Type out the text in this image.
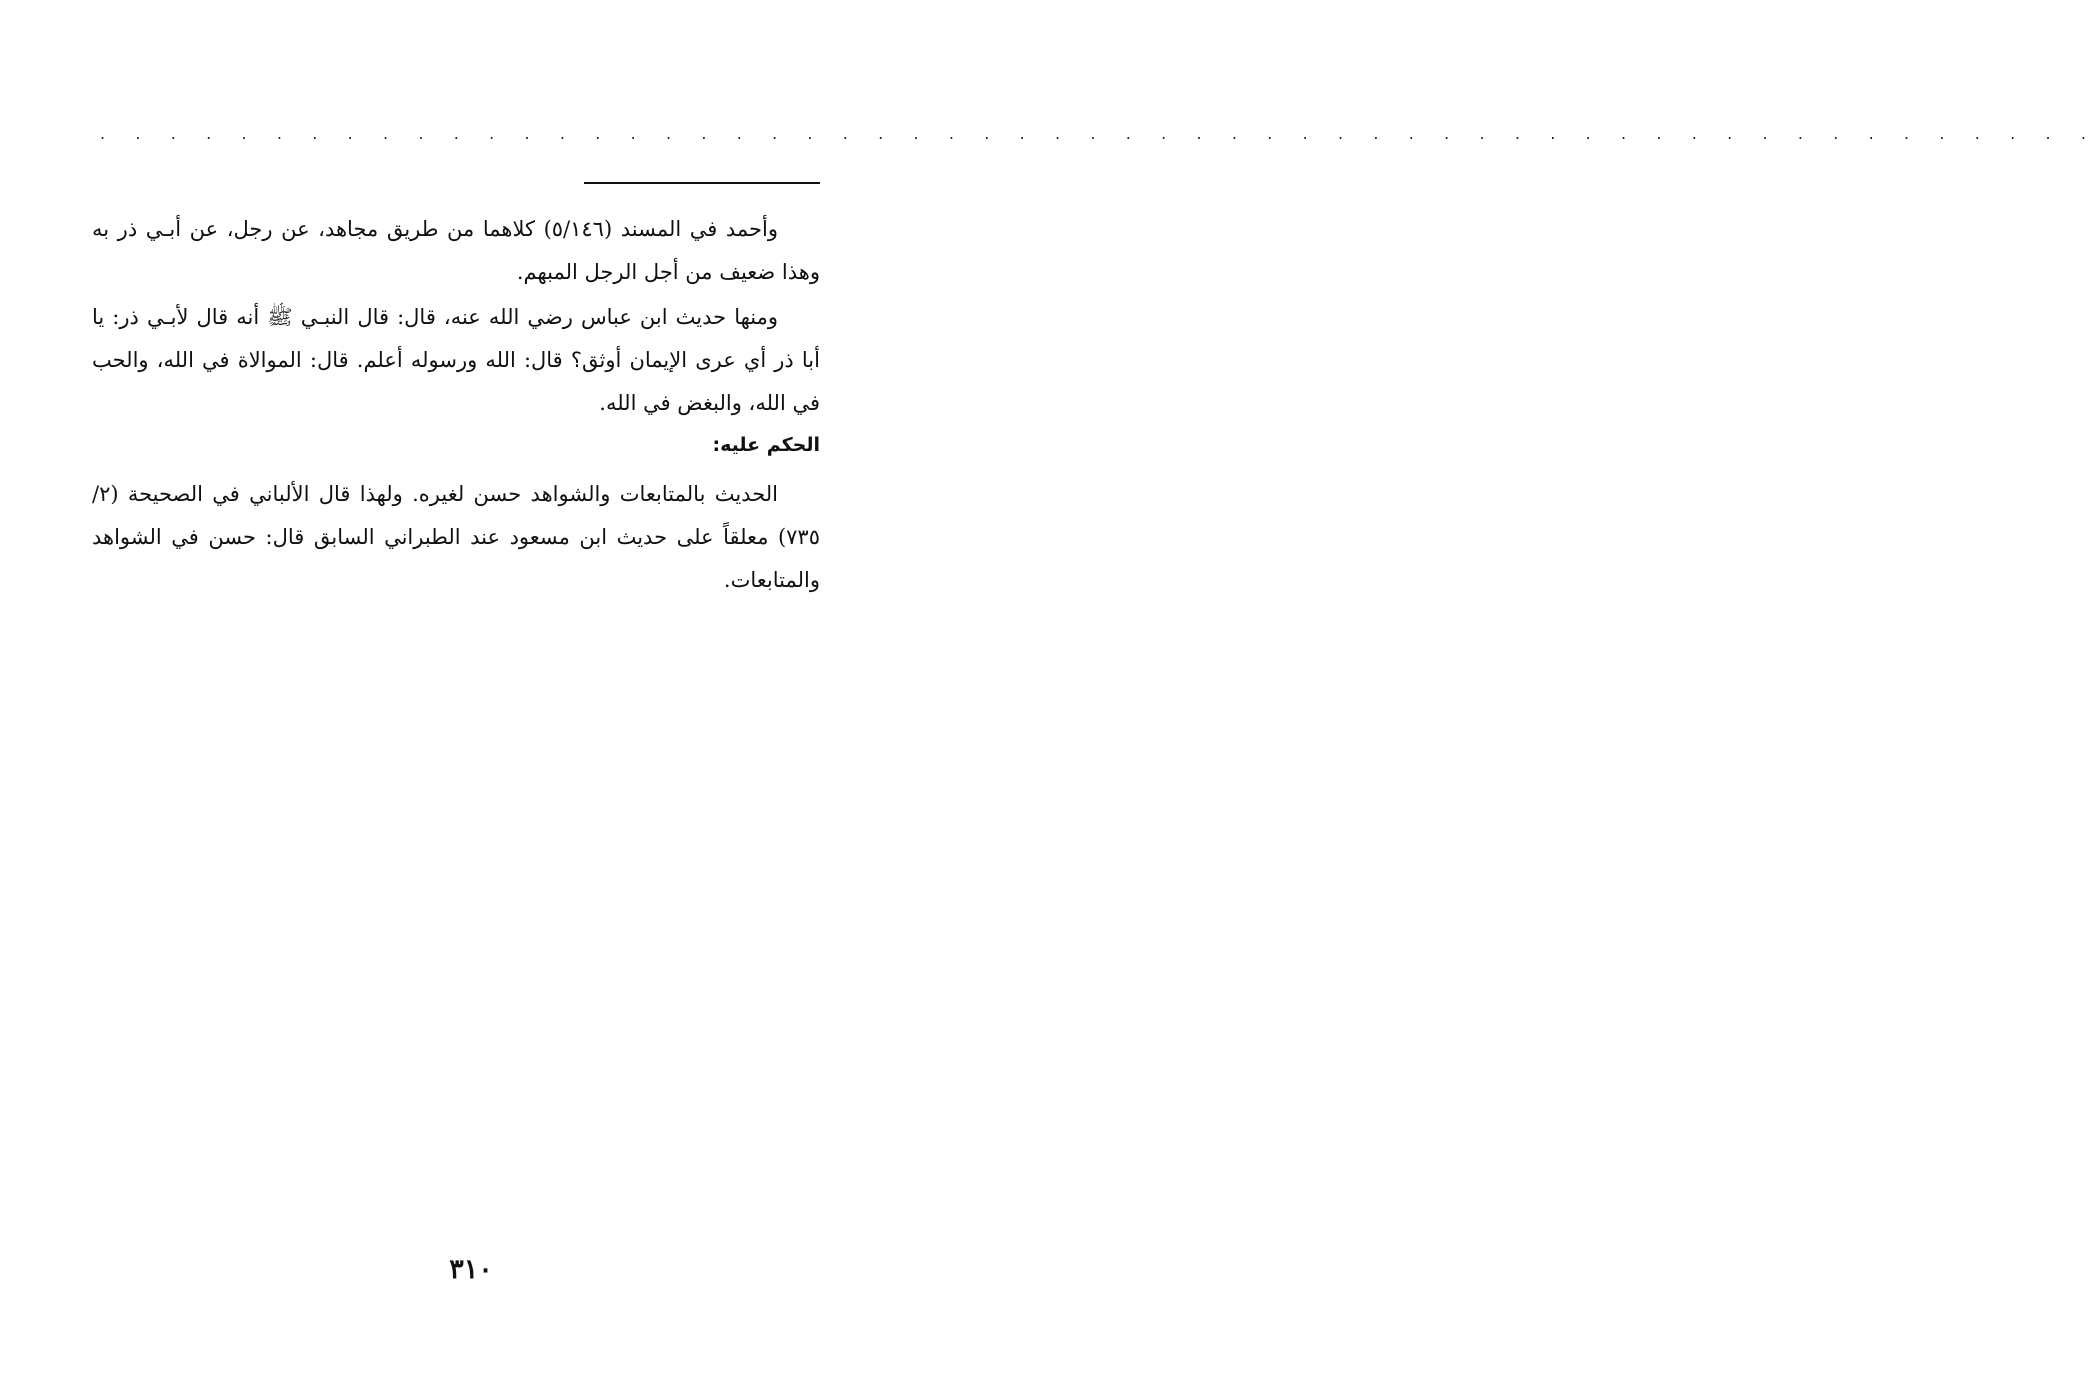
. . . . . . . . . . . . . . . . . . . . . . . . . . . . . . . . . . . . . . . . . . . . . . . . . . . . . . . . .

وأحمد في المسند (٥/١٤٦) كلاهما من طريق مجاهد، عن رجل، عن أبـي ذر به وهذا ضعيف من أجل الرجل المبهم.

ومنها حديث ابن عباس رضي الله عنه، قال: قال النبـي ﷺ أنه قال لأبـي ذر: يا أبا ذر أي عرى الإيمان أوثق؟ قال: الله ورسوله أعلم. قال: الموالاة في الله، والحب في الله، والبغض في الله.

الحكم عليه:

الحديث بالمتابعات والشواهد حسن لغيره. ولهذا قال الألباني في الصحيحة (٢/ ٧٣٥) معلقاً على حديث ابن مسعود عند الطبراني السابق قال: حسن في الشواهد والمتابعات.

٣١٠
